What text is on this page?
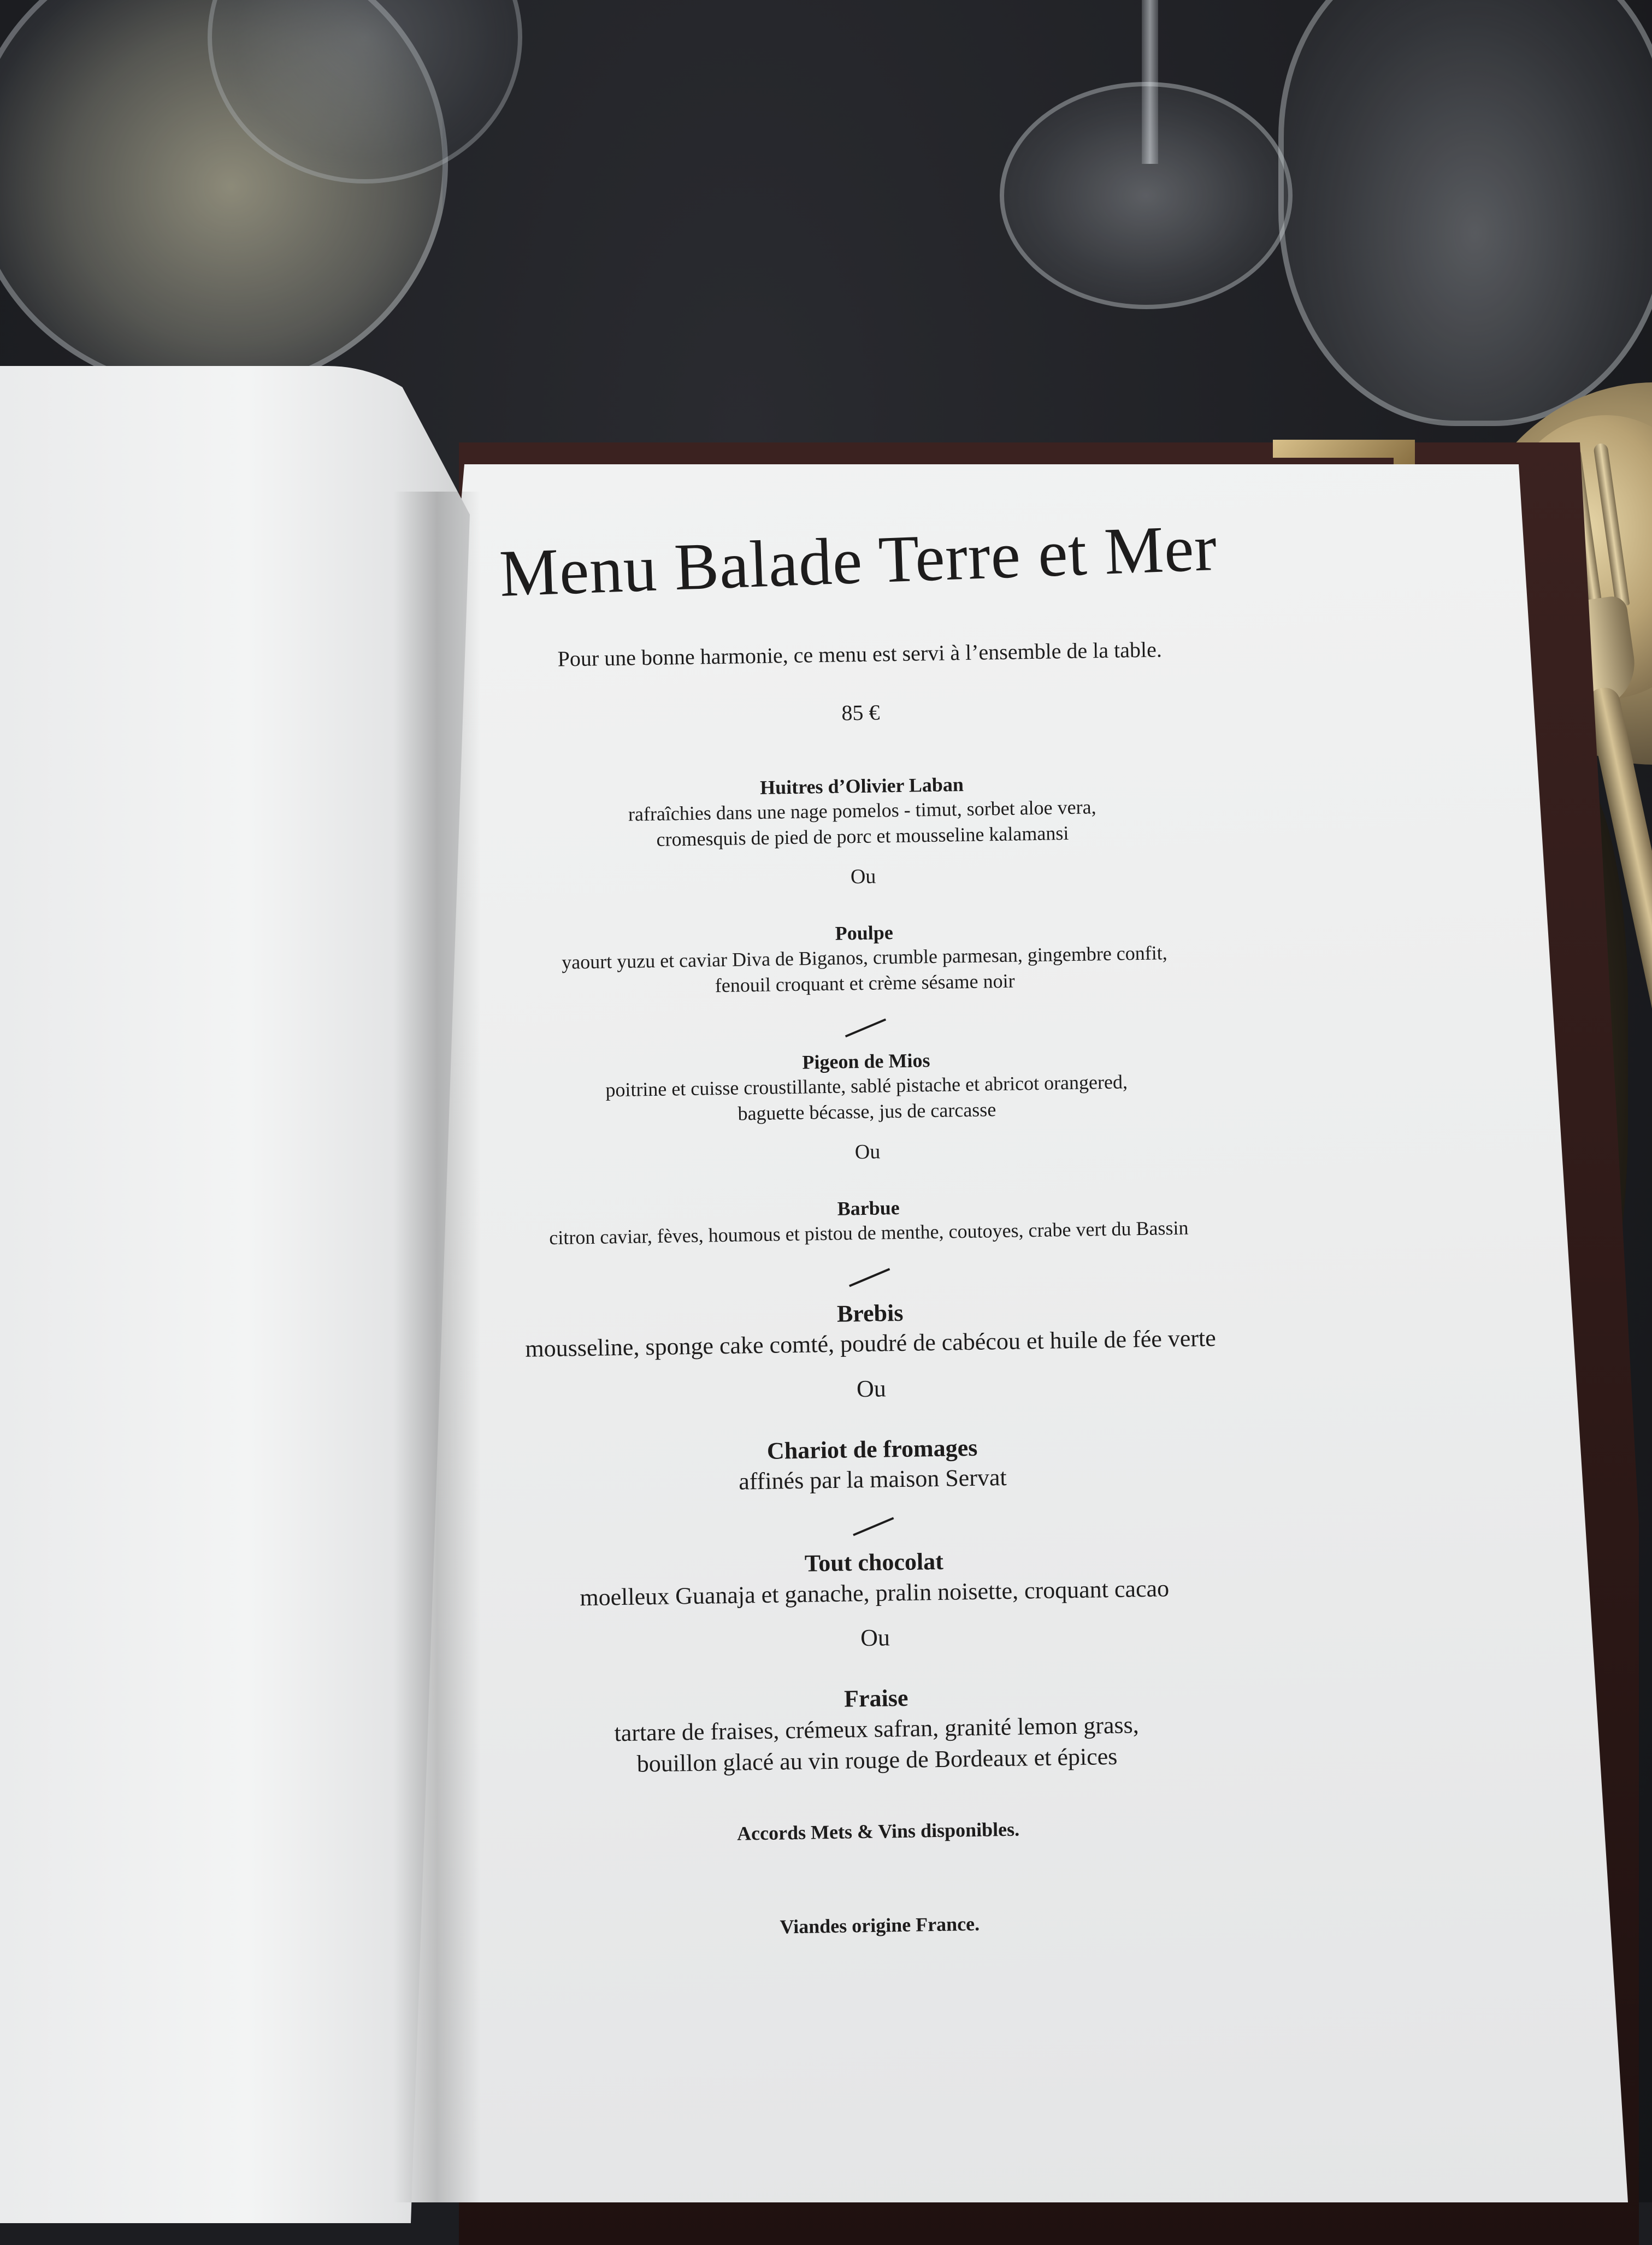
Menu Balade Terre et Mer
Pour une bonne harmonie, ce menu est servi à l’ensemble de la table.
85 €
Huitres d’Olivier Laban
rafraîchies dans une nage pomelos - timut, sorbet aloe vera,
cromesquis de pied de porc et mousseline kalamansi
Ou
Poulpe
yaourt yuzu et caviar Diva de Biganos, crumble parmesan, gingembre confit,
fenouil croquant et crème sésame noir
Pigeon de Mios
poitrine et cuisse croustillante, sablé pistache et abricot orangered,
baguette bécasse, jus de carcasse
Ou
Barbue
citron caviar, fèves, houmous et pistou de menthe, coutoyes, crabe vert du Bassin
Brebis
mousseline, sponge cake comté, poudré de cabécou et huile de fée verte
Ou
Chariot de fromages
affinés par la maison Servat
Tout chocolat
moelleux Guanaja et ganache, pralin noisette, croquant cacao
Ou
Fraise
tartare de fraises, crémeux safran, granité lemon grass,
bouillon glacé au vin rouge de Bordeaux et épices
Accords Mets & Vins disponibles.
Viandes origine France.
